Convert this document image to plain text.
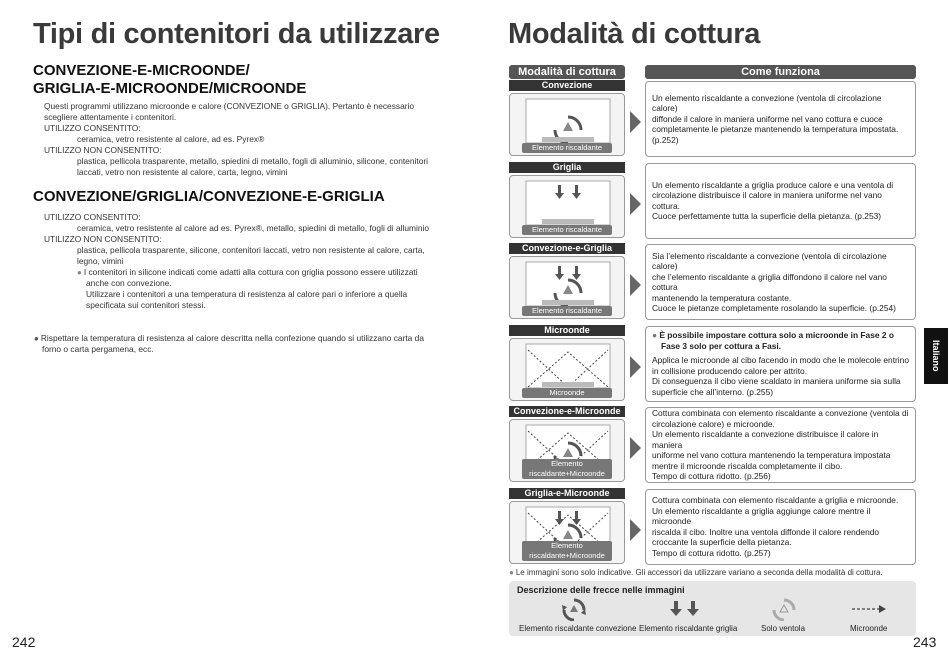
Tipi di contenitori da utilizzare
CONVEZIONE-E-MICROONDE/
GRIGLIA-E-MICROONDE/MICROONDE
Questi programmi utilizzano microonde e calore (CONVEZIONE o GRIGLIA). Pertanto è necessario
scegliere attentamente i contenitori.
UTILIZZO CONSENTITO:
ceramica, vetro resistente al calore, ad es. Pyrex®
UTILIZZO NON CONSENTITO:
plastica, pellicola trasparente, metallo, spiedini di metallo, fogli di alluminio, silicone, contenitori
laccati, vetro non resistente al calore, carta, legno, vimini
CONVEZIONE/GRIGLIA/CONVEZIONE-E-GRIGLIA
UTILIZZO CONSENTITO:
ceramica, vetro resistente al calore ad es. Pyrex®, metallo, spiedini di metallo, fogli di alluminio
UTILIZZO NON CONSENTITO:
plastica, pellicola trasparente, silicone, contenitori laccati, vetro non resistente al calore, carta,
legno, vimini
● I contenitori in silicone indicati come adatti alla cottura con griglia possono essere utilizzati
anche con convezione.
Utilizzare i contenitori a una temperatura di resistenza al calore pari o inferiore a quella
specificata sui contenitori stessi.
● Rispettare la temperatura di resistenza al calore descritta nella confezione quando si utilizzano carta da
forno o carta pergamena, ecc.
242
Modalità di cottura
Modalità di cottura	Come funziona
Convezione
Elemento riscaldante
Un elemento riscaldante a convezione (ventola di circolazione calore)
diffonde il calore in maniera uniforme nel vano cottura e cuoce
completamente le pietanze mantenendo la temperatura impostata.
(p.252)
Griglia
Elemento riscaldante
Un elemento riscaldante a griglia produce calore e una ventola di
circolazione distribuisce il calore in maniera uniforme nel vano cottura.
Cuoce perfettamente tutta la superficie della pietanza. (p.253)
Convezione-e-Griglia
Elemento riscaldante
Sia l’elemento riscaldante a convezione (ventola di circolazione calore)
che l’elemento riscaldante a griglia diffondono il calore nel vano cottura
mantenendo la temperatura costante.
Cuoce le pietanze completamente rosolando la superficie. (p.254)
Microonde
Microonde
● È possibile impostare cottura solo a microonde in Fase 2 o
Fase 3 solo per cottura a Fasi.
Applica le microonde al cibo facendo in modo che le molecole entrino
in collisione producendo calore per attrito.
Di conseguenza il cibo viene scaldato in maniera uniforme sia sulla
superficie che all’interno. (p.255)
Convezione-e-Microonde
Elemento riscaldante+Microonde
Cottura combinata con elemento riscaldante a convezione (ventola di
circolazione calore) e microonde.
Un elemento riscaldante a convezione distribuisce il calore in maniera
uniforme nel vano cottura mantenendo la temperatura impostata
mentre il microonde riscalda completamente il cibo.
Tempo di cottura ridotto. (p.256)
Griglia-e-Microonde
Elemento riscaldante+Microonde
Cottura combinata con elemento riscaldante a griglia e microonde.
Un elemento riscaldante a griglia aggiunge calore mentre il microonde
riscalda il cibo. Inoltre una ventola diffonde il calore rendendo
croccante la superficie della pietanza.
Tempo di cottura ridotto. (p.257)
● Le immagini sono solo indicative. Gli accessori da utilizzare variano a seconda della modalità di cottura.
Descrizione delle frecce nelle immagini
Elemento riscaldante convezione Elemento riscaldante griglia	Solo ventola	Microonde
Italiano
243
